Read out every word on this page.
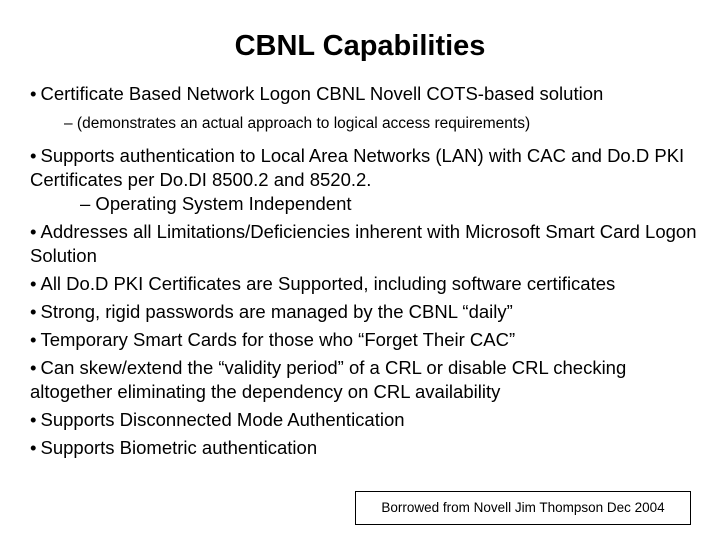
CBNL Capabilities

• Certificate Based Network Logon CBNL Novell COTS-based solution

– (demonstrates an actual approach to logical access requirements)

• Supports authentication to Local Area Networks (LAN) with CAC and Do.D PKI Certificates per Do.DI 8500.2 and 8520.2.

– Operating System Independent

• Addresses all Limitations/Deficiencies inherent with Microsoft Smart Card Logon Solution

• All Do.D PKI Certificates are Supported, including software certificates

• Strong, rigid passwords are managed by the CBNL “daily”

• Temporary Smart Cards for those who “Forget Their CAC”

• Can skew/extend the “validity period” of a CRL or disable CRL checking altogether eliminating the dependency on CRL availability

• Supports Disconnected Mode Authentication

• Supports Biometric authentication

Borrowed from Novell Jim Thompson Dec 2004
